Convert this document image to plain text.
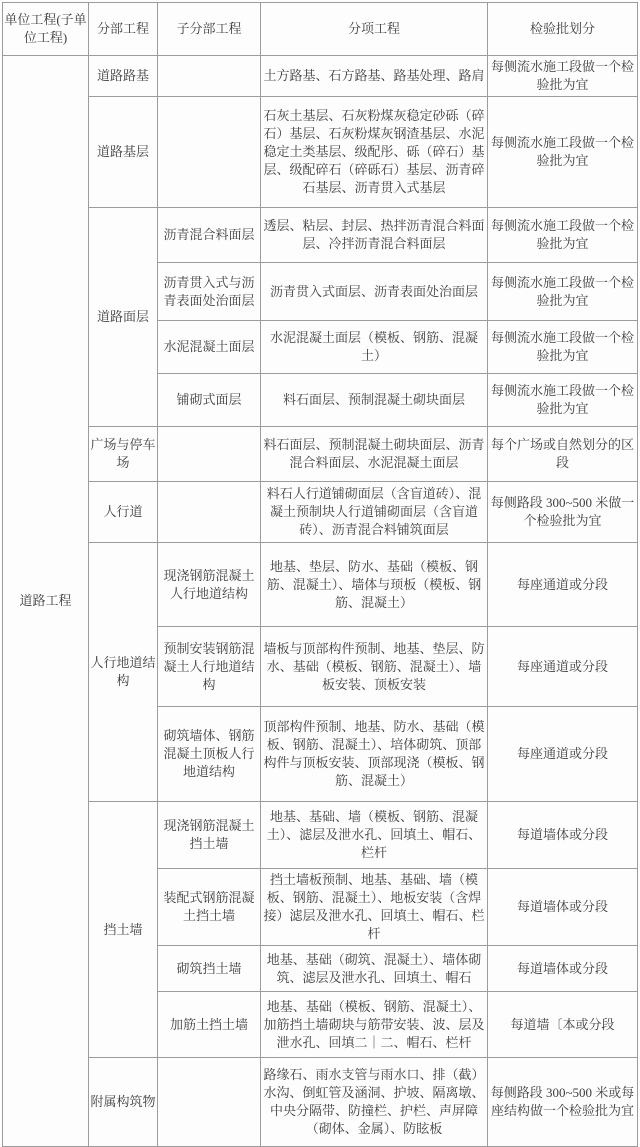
单位工程(子单位工程)	分部工程	子分部工程	分项工程	检验批划分
道路工程	道路路基		土方路基、石方路基、路基处理、路肩	每侧流水施工段做一个检验批为宜
	道路基层		石灰土基层、石灰粉煤灰稳定砂砾（碎石）基层、石灰粉煤灰钢渣基层、水泥稳定土类基层、级配彤、砾（碎石）基层、级配碎石（碎砾石）基层、沥青碎石基层、沥青贯入式基层	每侧流水施工段做一个检验批为宜
	道路面层	沥青混合料面层	透层、粘层、封层、热拌沥青混合料面层、冷拌沥青混合料面层	每侧流水施工段做一个检验批为宜
		沥青贯入式与沥青表面处治面层	沥青贯入式面层、沥青表面处治面层	每侧流水施工段做一个检验批为宜
		水泥混凝土面层	水泥混凝土面层（模板、钢筋、混凝土）	每侧流水施工段做一个检验批为宜
		铺砌式面层	料石面层、预制混凝土砌块面层	每侧流水施工段做一个检验批为宜
	广场与停车场		料石面层、预制混凝土砌块面层、沥青混合料面层、水泥混凝土面层	每个广场或自然划分的区段
	人行道		料石人行道铺砌面层（含盲道砖）、混凝土预制块人行道铺砌面层（含盲道砖）、沥青混合料铺筑面层	每侧路段 300~500 米做一个检验批为宜
	人行地道结构	现浇钢筋混凝土人行地道结构	地基、垫层、防水、基础（模板、钢筋、混凝土）、墙体与顼板（模板、钢筋、混凝土）	每座通道或分段
		预制安装钢筋混凝土人行地道结构	墙板与顶部构件预制、地基、垫层、防水、基础（模板、钢筋、混凝土）、墙板安装、顶板安装	每座通道或分段
		砌筑墙体、钢筋混凝土顶板人行地道结构	顶部构件预制、地基、防水、基础（模板、钢筋、混凝土）、培体砌筑、顶部构件与顶板安装、顶部现浇（模板、钢筋、混凝土）	每座通道或分段
	挡土墙	现浇钢筋混凝土挡土墙	地基、基础、墙（模板、钢筋、混凝土）、滤层及泄水孔、回填土、帽石、栏杆	每道墙体或分段
		装配式钢筋混凝土挡土墙	挡土墙板预制、地基、基础、墙（模板、钢筋、混凝土）、地板安装（含焊接）滤层及泄水孔、回填土、帽石、栏杆	每道墙体或分段
		砌筑挡土墙	地基、基础（砌筑、混凝土）、墙体砌筑、滤层及泄水孔、回填土、帽石	每道墙体或分段
		加筋土挡土墙	地基、基础（模板、钢筋、混凝土）、加筋挡土墙砌块与筋带安装、波、层及泄水孔、回填二｜二、帽石、栏杆	每道墙〔本或分段
	附属构筑物		路缘石、雨水支管与雨水口、排（截）水沟、倒虹管及涵洞、护坡、隔离墩、中央分隔带、防撞栏、护栏、声屏障（砌体、金属）、防眩板	每侧路段 300~500 米或每座结构做一个检验批为宜
